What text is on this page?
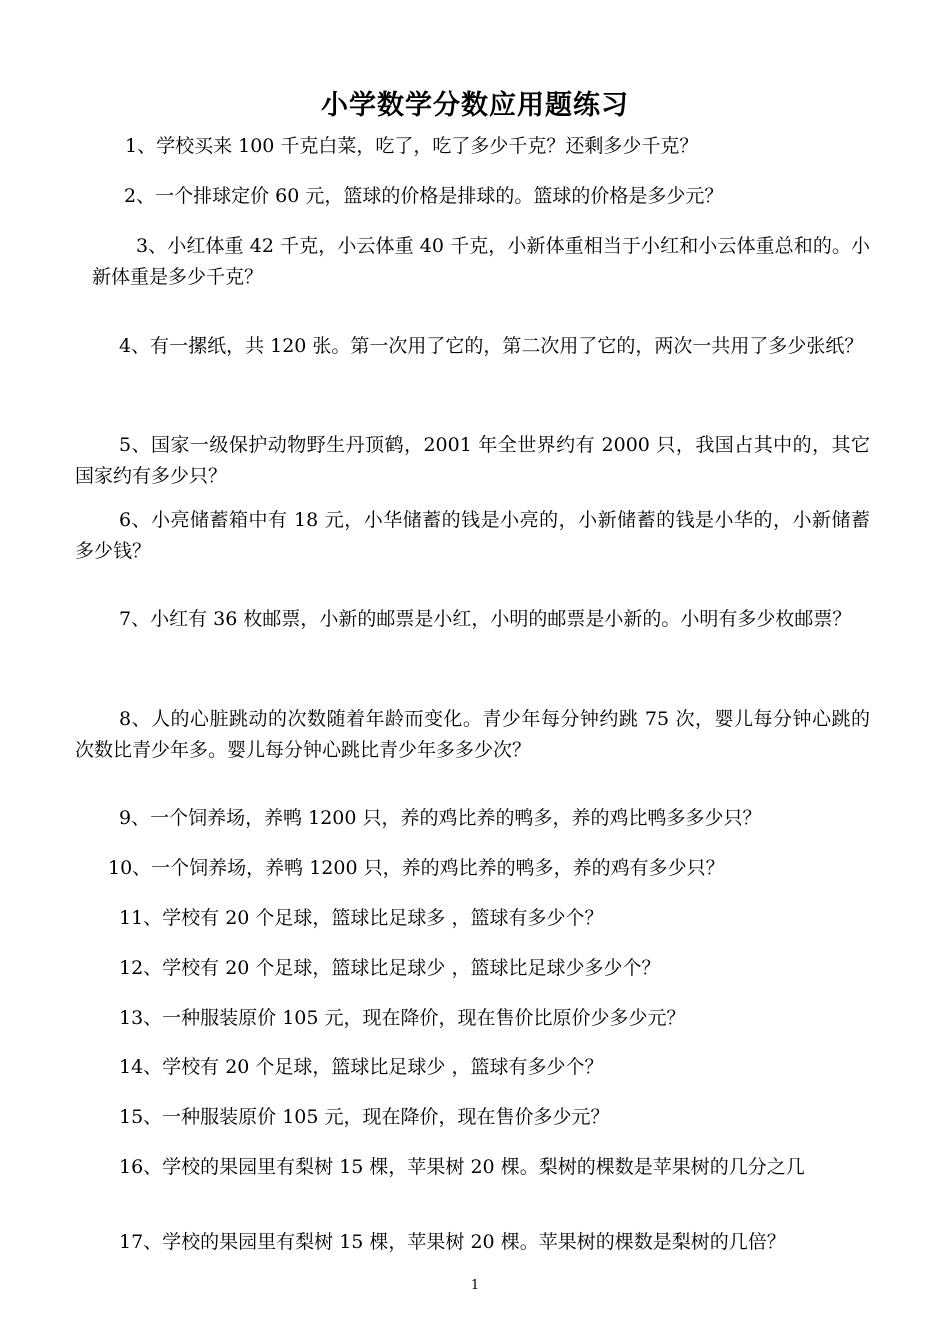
小学数学分数应用题练习
1、学校买来 100 千克白菜，吃了，吃了多少千克？还剩多少千克？
2、一个排球定价 60 元，篮球的价格是排球的。篮球的价格是多少元？
3、小红体重 42 千克，小云体重 40 千克，小新体重相当于小红和小云体重总和的。小新体重是多少千克？
4、有一摞纸，共 120 张。第一次用了它的，第二次用了它的，两次一共用了多少张纸？
5、国家一级保护动物野生丹顶鹤，2001 年全世界约有 2000 只，我国占其中的，其它国家约有多少只？
6、小亮储蓄箱中有 18 元，小华储蓄的钱是小亮的，小新储蓄的钱是小华的，小新储蓄多少钱？
7、小红有 36 枚邮票，小新的邮票是小红，小明的邮票是小新的。小明有多少枚邮票？
8、人的心脏跳动的次数随着年龄而变化。青少年每分钟约跳 75 次，婴儿每分钟心跳的次数比青少年多。婴儿每分钟心跳比青少年多多少次？
9、一个饲养场，养鸭 1200 只，养的鸡比养的鸭多，养的鸡比鸭多多少只？
10、一个饲养场，养鸭 1200 只，养的鸡比养的鸭多，养的鸡有多少只？
11、学校有 20 个足球，篮球比足球多 ，篮球有多少个？
12、学校有 20 个足球，篮球比足球少 ，篮球比足球少多少个？
13、一种服装原价 105 元，现在降价，现在售价比原价少多少元？
14、学校有 20 个足球，篮球比足球少 ，篮球有多少个？
15、一种服装原价 105 元，现在降价，现在售价多少元？
16、学校的果园里有梨树 15 棵，苹果树 20 棵。梨树的棵数是苹果树的几分之几
17、学校的果园里有梨树 15 棵，苹果树 20 棵。苹果树的棵数是梨树的几倍？
1
